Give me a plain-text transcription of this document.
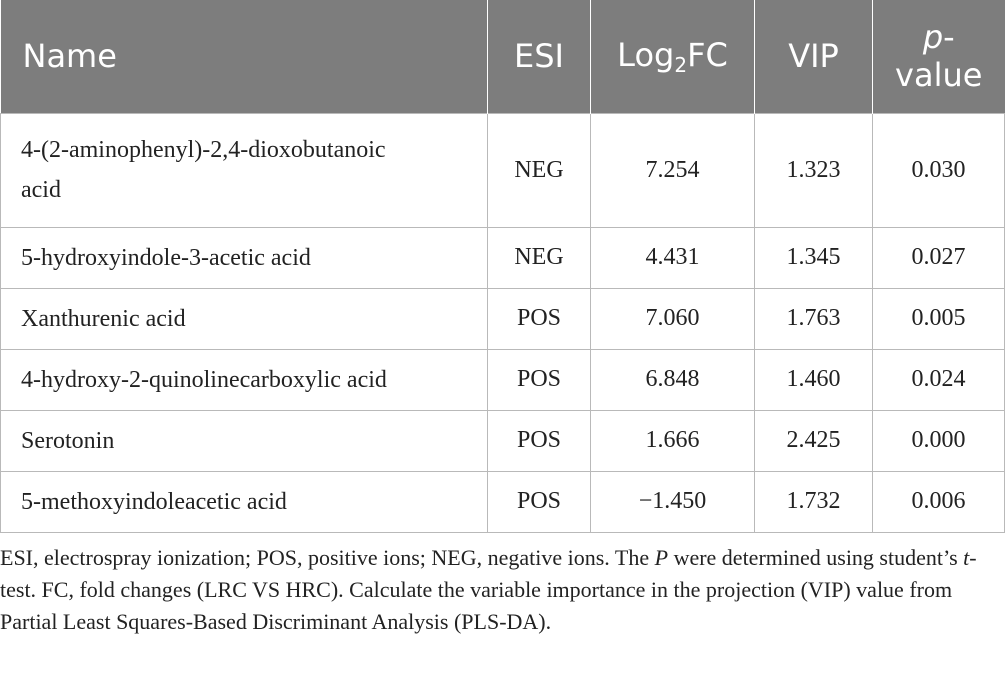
Name	ESI	Log$_2$FC	VIP	p-
value
4-(2-aminophenyl)-2,4-dioxobutanoic
acid	NEG	7.254	1.323	0.030
5-hydroxyindole-3-acetic acid	NEG	4.431	1.345	0.027
Xanthurenic acid	POS	7.060	1.763	0.005
4-hydroxy-2-quinolinecarboxylic acid	POS	6.848	1.460	0.024
Serotonin	POS	1.666	2.425	0.000
5-methoxyindoleacetic acid	POS	−1.450	1.732	0.006
ESI, electrospray ionization; POS, positive ions; NEG, negative ions. The P were determined using student’s t-test. FC, fold changes (LRC VS HRC). Calculate the variable importance in the projection (VIP) value from Partial Least Squares-Based Discriminant Analysis (PLS-DA).
